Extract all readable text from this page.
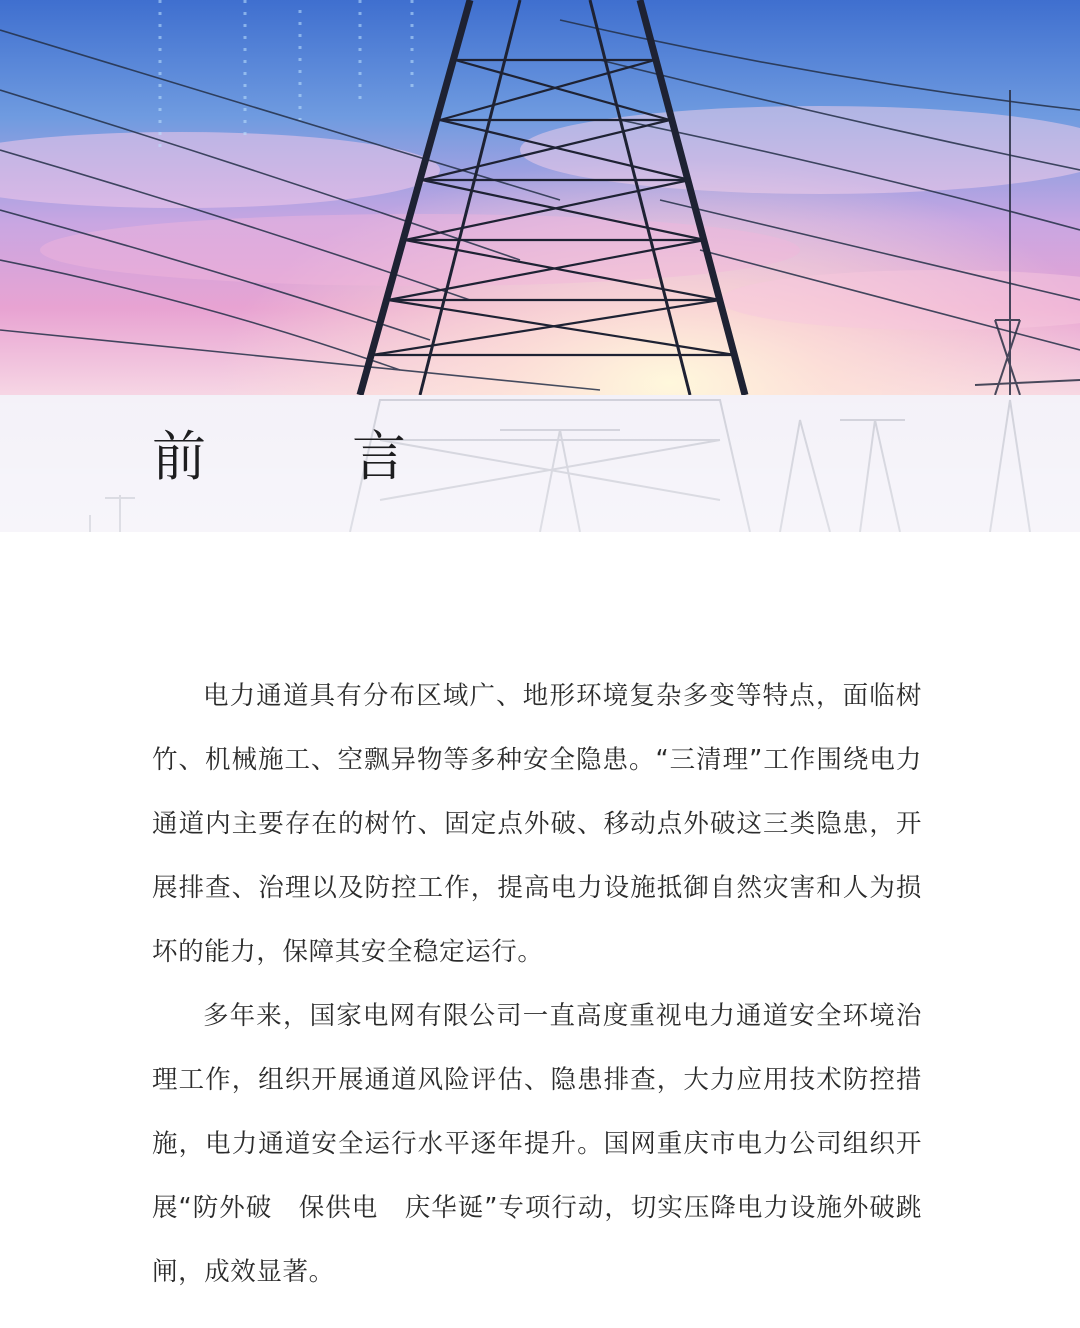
前　言

电力通道具有分布区域广、地形环境复杂多变等特点，面临树竹、机械施工、空飘异物等多种安全隐患。“三清理”工作围绕电力通道内主要存在的树竹、固定点外破、移动点外破这三类隐患，开展排查、治理以及防控工作，提高电力设施抵御自然灾害和人为损坏的能力，保障其安全稳定运行。

多年来，国家电网有限公司一直高度重视电力通道安全环境治理工作，组织开展通道风险评估、隐患排查，大力应用技术防控措施，电力通道安全运行水平逐年提升。国网重庆市电力公司组织开展“防外破　保供电　庆华诞”专项行动，切实压降电力设施外破跳闸，成效显著。
